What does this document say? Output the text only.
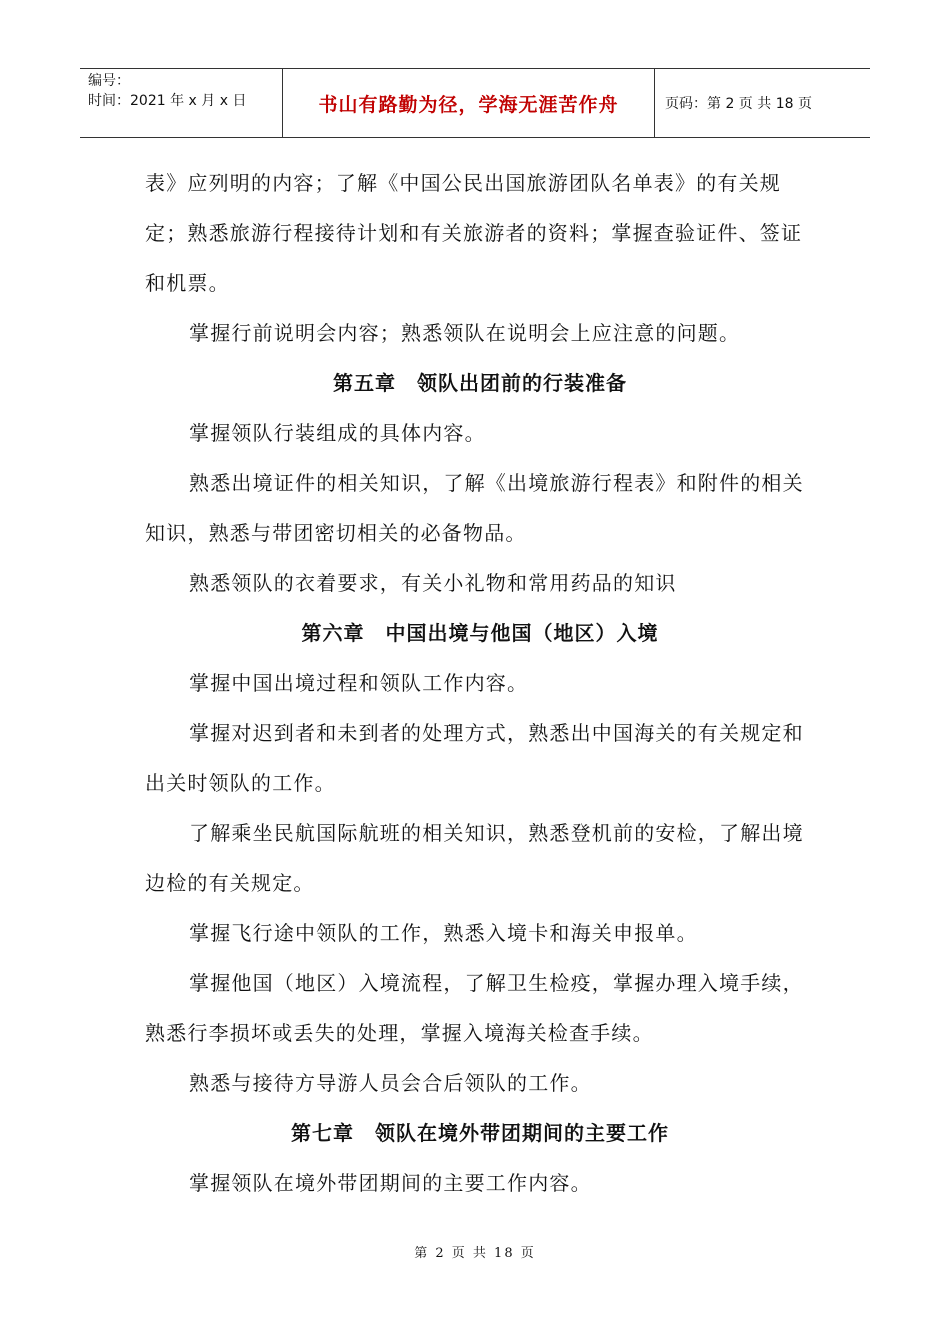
编号：
时间：2021 年 x 月 x 日	书山有路勤为径，学海无涯苦作舟	页码：第 2 页 共 18 页

表》应列明的内容；了解《中国公民出国旅游团队名单表》的有关规定；熟悉旅游行程接待计划和有关旅游者的资料；掌握查验证件、签证和机票。

掌握行前说明会内容；熟悉领队在说明会上应注意的问题。

第五章　领队出团前的行装准备

掌握领队行装组成的具体内容。

熟悉出境证件的相关知识，了解《出境旅游行程表》和附件的相关知识，熟悉与带团密切相关的必备物品。

熟悉领队的衣着要求，有关小礼物和常用药品的知识

第六章　中国出境与他国（地区）入境

掌握中国出境过程和领队工作内容。

掌握对迟到者和未到者的处理方式，熟悉出中国海关的有关规定和出关时领队的工作。

了解乘坐民航国际航班的相关知识，熟悉登机前的安检，了解出境边检的有关规定。

掌握飞行途中领队的工作，熟悉入境卡和海关申报单。

掌握他国（地区）入境流程，了解卫生检疫，掌握办理入境手续，熟悉行李损坏或丢失的处理，掌握入境海关检查手续。

熟悉与接待方导游人员会合后领队的工作。

第七章　领队在境外带团期间的主要工作

掌握领队在境外带团期间的主要工作内容。

第 2 页 共 18 页
